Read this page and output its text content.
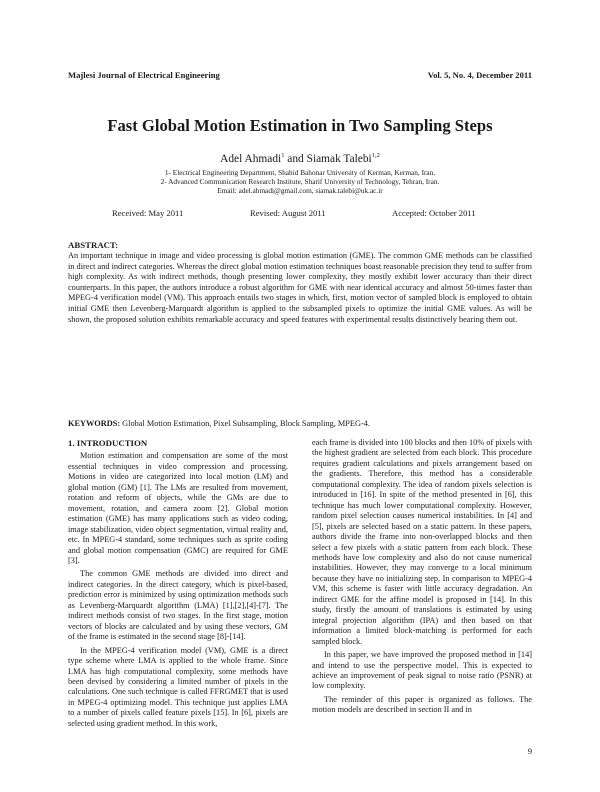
Majlesi Journal of Electrical Engineering	Vol. 5, No. 4, December 2011
Fast Global Motion Estimation in Two Sampling Steps
Adel Ahmadi$^1$ and Siamak Talebi$^{1,2}$
1- Electrical Engineering Department, Shahid Bahonar University of Kerman, Kerman, Iran.
2- Advanced Communication Research Institute, Sharif University of Technology, Tehran, Iran.
Email: adel.ahmadi@gmail.com, siamak.talebi@uk.ac.ir
Received: May 2011	Revised: August 2011	Accepted: October 2011
ABSTRACT:

An important technique in image and video processing is global motion estimation (GME). The common GME methods can be classified in direct and indirect categories. Whereas the direct global motion estimation techniques boast reasonable precision they tend to suffer from high complexity. As with indirect methods, though presenting lower complexity, they mostly exhibit lower accuracy than their direct counterparts. In this paper, the authors introduce a robust algorithm for GME with near identical accuracy and almost 50-times faster than MPEG-4 verification model (VM). This approach entails two stages in which, first, motion vector of sampled block is employed to obtain initial GME then Levenberg-Marquardt algorithm is applied to the subsampled pixels to optimize the initial GME values. As will be shown, the proposed solution exhibits remarkable accuracy and speed features with experimental results distinctively bearing them out.

KEYWORDS: Global Motion Estimation, Pixel Subsampling, Block Sampling, MPEG-4.
1. INTRODUCTION

Motion estimation and compensation are some of the most essential techniques in video compression and processing. Motions in video are categorized into local motion (LM) and global motion (GM) [1]. The LMs are resulted from movement, rotation and reform of objects, while the GMs are due to movement, rotation, and camera zoom [2]. Global motion estimation (GME) has many applications such as video coding, image stabilization, video object segmentation, virtual reality and, etc. In MPEG-4 standard, some techniques such as sprite coding and global motion compensation (GMC) are required for GME [3].

The common GME methods are divided into direct and indirect categories. In the direct category, which is pixel-based, prediction error is minimized by using optimization methods such as Levenberg-Marquardt algorithm (LMA) [1],[2],[4]-[7]. The indirect methods consist of two stages. In the first stage, motion vectors of blocks are calculated and by using these vectors, GM of the frame is estimated in the second stage [8]-[14].

In the MPEG-4 verification model (VM), GME is a direct type scheme where LMA is applied to the whole frame. Since LMA has high computational complexity, some methods have been devised by considering a limited number of pixels in the calculations. One such technique is called FFRGMET that is used in MPEG-4 optimizing model. This technique just applies LMA to a number of pixels called feature pixels [15]. In [6], pixels are selected using gradient method. In this work,

each frame is divided into 100 blocks and then 10% of pixels with the highest gradient are selected from each block. This procedure requires gradient calculations and pixels arrangement based on the gradients. Therefore, this method has a considerable computational complexity. The idea of random pixels selection is introduced in [16]. In spite of the method presented in [6], this technique has much lower computational complexity. However, random pixel selection causes numerical instabilities. In [4] and [5], pixels are selected based on a static pattern. In these papers, authors divide the frame into non-overlapped blocks and then select a few pixels with a static pattern from each block. These methods have low complexity and also do not cause numerical instabilities. However, they may converge to a local minimum because they have no initializing step. In comparison to MPEG-4 VM, this scheme is faster with little accuracy degradation. An indirect GME for the affine model is proposed in [14]. In this study, firstly the amount of translations is estimated by using integral projection algorithm (IPA) and then based on that information a limited block-matching is performed for each sampled block.

In this paper, we have improved the proposed method in [14] and intend to use the perspective model. This is expected to achieve an improvement of peak signal to noise ratio (PSNR) at low complexity.

The reminder of this paper is organized as follows. The motion models are described in section II and in

9
